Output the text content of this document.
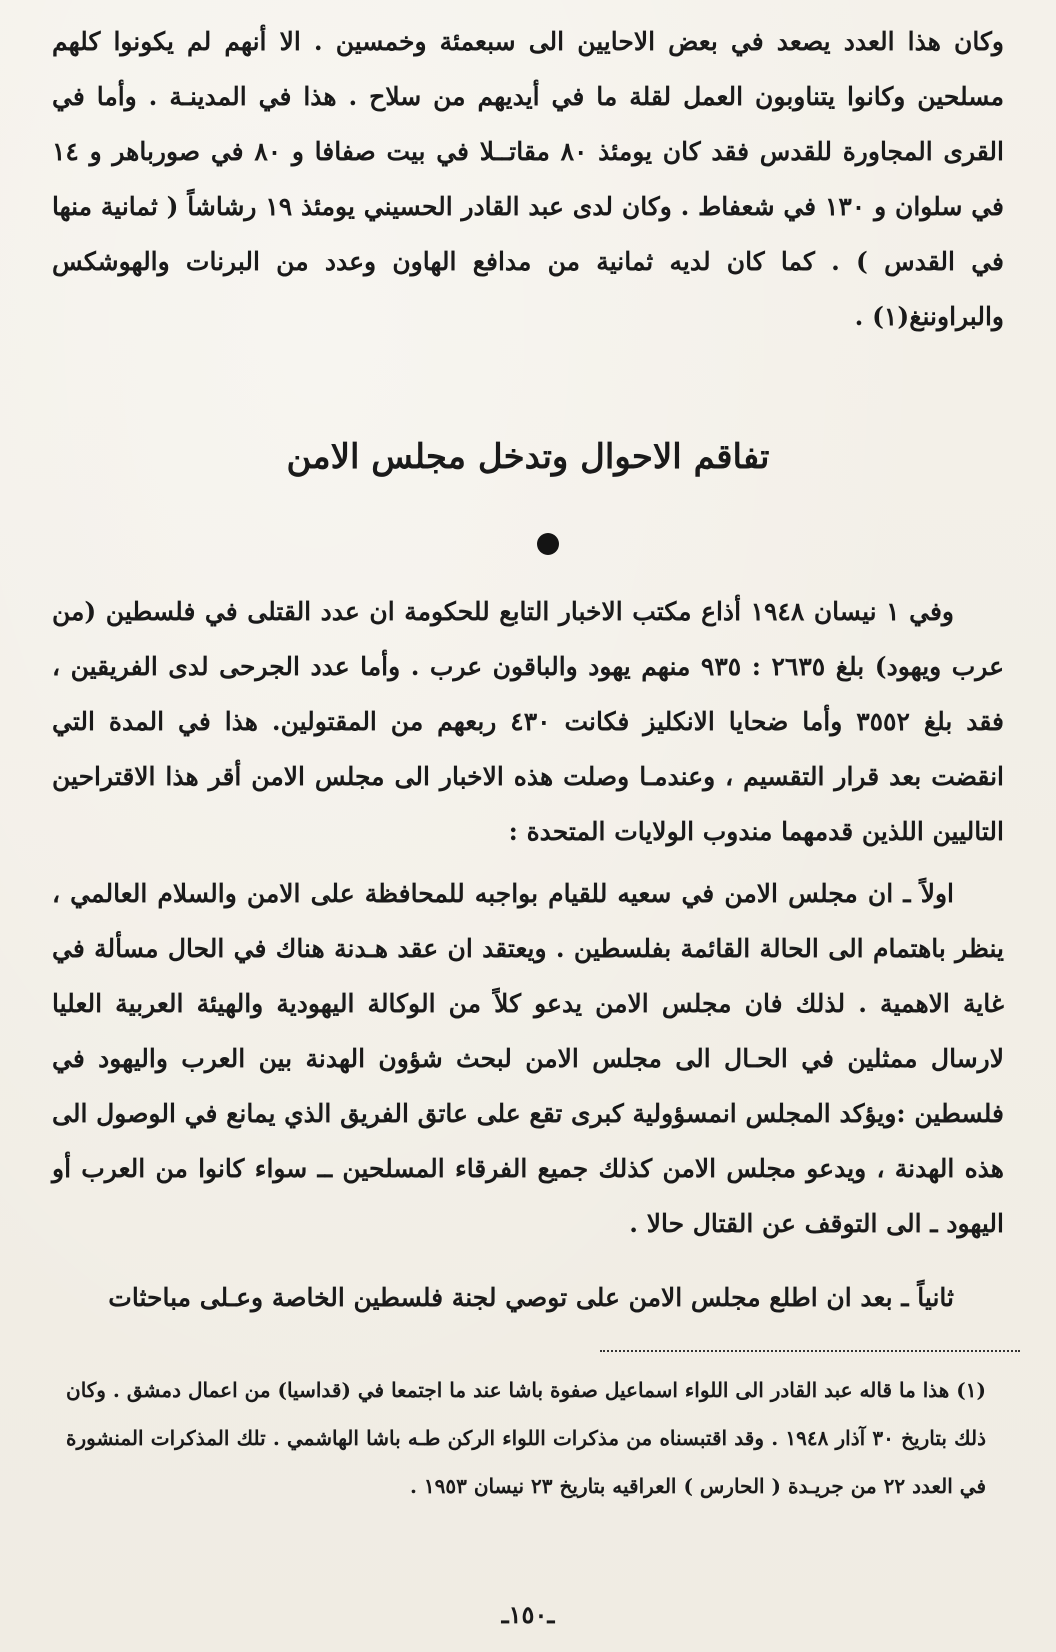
وكان هذا العدد يصعد في بعض الاحايين الى سبعمئة وخمسين . الا أنهم لم يكونوا كلهم مسلحين وكانوا يتناوبون العمل لقلة ما في أيديهم من سلاح . هذا في المدينـة . وأما في القرى المجاورة للقدس فقد كان يومئذ ٨٠ مقاتــلا في بيت صفافا و ٨٠ في صورباهر و ١٤ في سلوان و ١٣٠ في شعفاط . وكان لدى عبد القادر الحسيني يومئذ ١٩ رشاشاً ( ثمانية منها في القدس ) . كما كان لديه ثمانية من مدافع الهاون وعدد من البرنات والهوشكس والبراوننغ(١) .

تفاقم الاحوال وتدخل مجلس الامن

وفي ١ نيسان ١٩٤٨ أذاع مكتب الاخبار التابع للحكومة ان عدد القتلى في فلسطين (من عرب ويهود) بلغ ٢٦٣٥ : ٩٣٥ منهم يهود والباقون عرب . وأما عدد الجرحى لدى الفريقين ، فقد بلغ ٣٥٥٢ وأما ضحايا الانكليز فكانت ٤٣٠ ربعهم من المقتولين. هذا في المدة التي انقضت بعد قرار التقسيم ، وعندمـا وصلت هذه الاخبار الى مجلس الامن أقر هذا الاقتراحين التاليين اللذين قدمهما مندوب الولايات المتحدة :

اولاً ـ ان مجلس الامن في سعيه للقيام بواجبه للمحافظة على الامن والسلام العالمي ، ينظر باهتمام الى الحالة القائمة بفلسطين . ويعتقد ان عقد هـدنة هناك في الحال مسألة في غاية الاهمية . لذلك فان مجلس الامن يدعو كلاً من الوكالة اليهودية والهيئة العربية العليا لارسال ممثلين في الحـال الى مجلس الامن لبحث شؤون الهدنة بين العرب واليهود في فلسطين :ويؤكد المجلس انمسؤولية كبرى تقع على عاتق الفريق الذي يمانع في الوصول الى هذه الهدنة ، ويدعو مجلس الامن كذلك جميع الفرقاء المسلحين ــ سواء كانوا من العرب أو اليهود ـ الى التوقف عن القتال حالا .

ثانياً ـ بعد ان اطلع مجلس الامن على توصي لجنة فلسطين الخاصة وعـلى مباحثات

(١) هذا ما قاله عبد القادر الى اللواء اسماعيل صفوة باشا عند ما اجتمعا في (قداسيا) من اعمال دمشق . وكان ذلك بتاريخ ٣٠ آذار ١٩٤٨ . وقد اقتبسناه من مذكرات اللواء الركن طـه باشا الهاشمي . تلك المذكرات المنشورة في العدد ٢٢ من جريـدة ( الحارس ) العراقيه بتاريخ ٢٣ نيسان ١٩٥٣ .

ـ١٥٠ـ
